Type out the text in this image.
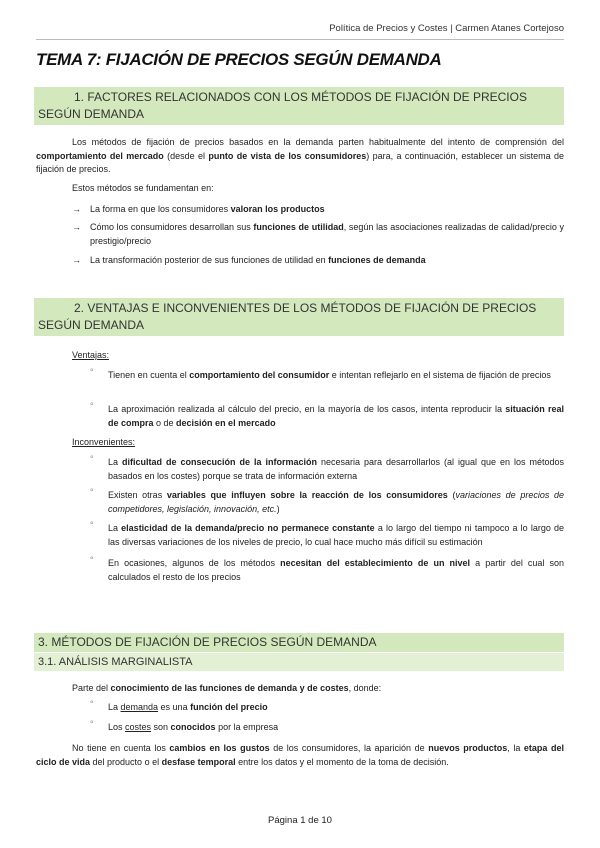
Política de Precios y Costes | Carmen Atanes Cortejoso
TEMA 7: FIJACIÓN DE PRECIOS SEGÚN DEMANDA
1. FACTORES RELACIONADOS CON LOS MÉTODOS DE FIJACIÓN DE PRECIOS SEGÚN DEMANDA
Los métodos de fijación de precios basados en la demanda parten habitualmente del intento de comprensión del comportamiento del mercado (desde el punto de vista de los consumidores) para, a continuación, establecer un sistema de fijación de precios.
Estos métodos se fundamentan en:
→ La forma en que los consumidores valoran los productos
→ Cómo los consumidores desarrollan sus funciones de utilidad, según las asociaciones realizadas de calidad/precio y prestigio/precio
→ La transformación posterior de sus funciones de utilidad en funciones de demanda
2. VENTAJAS E INCONVENIENTES DE LOS MÉTODOS DE FIJACIÓN DE PRECIOS SEGÚN DEMANDA
Ventajas:
° Tienen en cuenta el comportamiento del consumidor e intentan reflejarlo en el sistema de fijación de precios
° La aproximación realizada al cálculo del precio, en la mayoría de los casos, intenta reproducir la situación real de compra o de decisión en el mercado
Inconvenientes:
° La dificultad de consecución de la información necesaria para desarrollarlos (al igual que en los métodos basados en los costes) porque se trata de información externa
° Existen otras variables que influyen sobre la reacción de los consumidores (variaciones de precios de competidores, legislación, innovación, etc.)
° La elasticidad de la demanda/precio no permanece constante a lo largo del tiempo ni tampoco a lo largo de las diversas variaciones de los niveles de precio, lo cual hace mucho más difícil su estimación
° En ocasiones, algunos de los métodos necesitan del establecimiento de un nivel a partir del cual son calculados el resto de los precios
3. MÉTODOS DE FIJACIÓN DE PRECIOS SEGÚN DEMANDA
3.1. ANÁLISIS MARGINALISTA
Parte del conocimiento de las funciones de demanda y de costes, donde:
° La demanda es una función del precio
° Los costes son conocidos por la empresa
No tiene en cuenta los cambios en los gustos de los consumidores, la aparición de nuevos productos, la etapa del ciclo de vida del producto o el desfase temporal entre los datos y el momento de la toma de decisión.
Página 1 de 10
